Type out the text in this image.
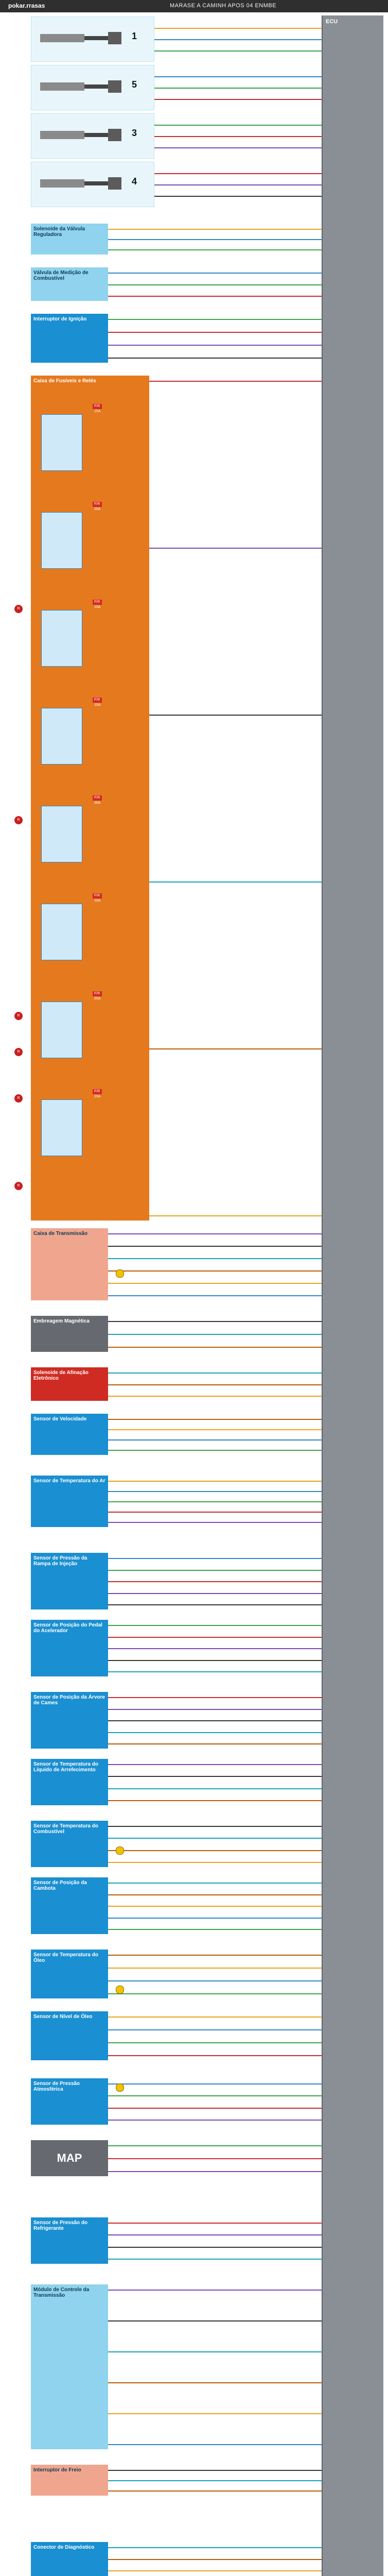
pokar.rrasas	MARASE A CAMINH APOS 04 ENMBE
ECU
1
5
3
4
Solenoide da Válvula Reguladora
Válvula de Medição de Combustível
Interruptor de Ignição
Caixa de Fusíveis e Relés
Caixa de Transmissão
Embreagem Magnética
Solenoide de Afinação Eletrônico
Sensor de Velocidade
Sensor de Temperatura do Ar
Sensor de Pressão da Rampa de Injeção
Sensor de Posição do Pedal do Acelerador
Sensor de Posição da Árvore de Cames
Sensor de Temperatura do Líquido de Arrefecimento
Sensor de Temperatura do Combustível
Sensor de Posição da Cambota
Sensor de Temperatura do Óleo
Sensor de Nível de Óleo
Sensor de Pressão Atmosférica
MAP
Sensor de Pressão do Refrigerante
Módulo de Controle da Transmissão
Interruptor de Freio
Conector de Diagnóstico
F/R 15A
F/R 20A
F/R 10A
F/R 15A
F/R 30A
F/R 10A
F/R 20A
F/R 15A
R
R
R
R
R
R
